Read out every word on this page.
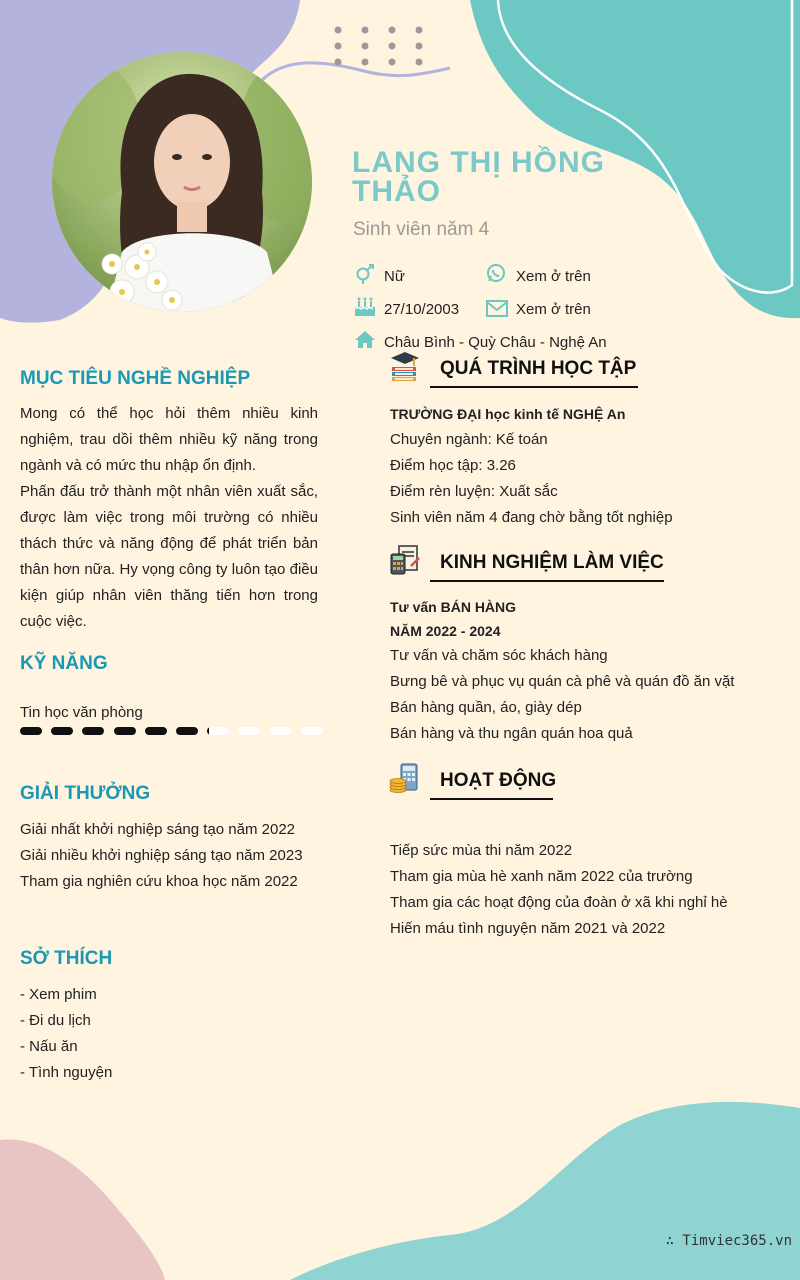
LANG THỊ HỒNG THẢO
Sinh viên năm 4
Nữ	Xem ở trên
27/10/2003	Xem ở trên
Châu Bình - Quỳ Châu - Nghệ An
MỤC TIÊU NGHỀ NGHIỆP
Mong có thể học hỏi thêm nhiều kinh nghiệm, trau dồi thêm nhiều kỹ năng trong ngành và có mức thu nhập ổn định.
Phấn đấu trở thành một nhân viên xuất sắc, được làm việc trong môi trường có nhiều thách thức và năng động để phát triển bản thân hơn nữa. Hy vọng công ty luôn tạo điều kiện giúp nhân viên thăng tiến hơn trong cuộc việc.
KỸ NĂNG
Tin học văn phòng
GIẢI THƯỞNG
Giải nhất khởi nghiệp sáng tạo năm 2022
Giải nhiều khởi nghiệp sáng tạo năm 2023
Tham gia nghiên cứu khoa học năm 2022
SỞ THÍCH
- Xem phim
- Đi du lịch
- Nấu ăn
- Tình nguyện
QUÁ TRÌNH HỌC TẬP
TRƯỜNG ĐẠI học kinh tế NGHỆ An
Chuyên ngành: Kế toán
Điểm học tập: 3.26
Điểm rèn luyện: Xuất sắc
Sinh viên năm 4 đang chờ bằng tốt nghiệp
KINH NGHIỆM LÀM VIỆC
Tư vấn BÁN HÀNG
NĂM 2022 - 2024
Tư vấn và chăm sóc khách hàng
Bưng bê và phục vụ quán cà phê và quán đồ ăn vặt
Bán hàng quần, áo, giày dép
Bán hàng và thu ngân quán hoa quả
HOẠT ĐỘNG
Tiếp sức mùa thi năm 2022
Tham gia mùa hè xanh năm 2022 của trường
Tham gia các hoạt động của đoàn ở xã khi nghỉ hè
Hiến máu tình nguyện năm 2021 và 2022
∴ Timviec365.vn
